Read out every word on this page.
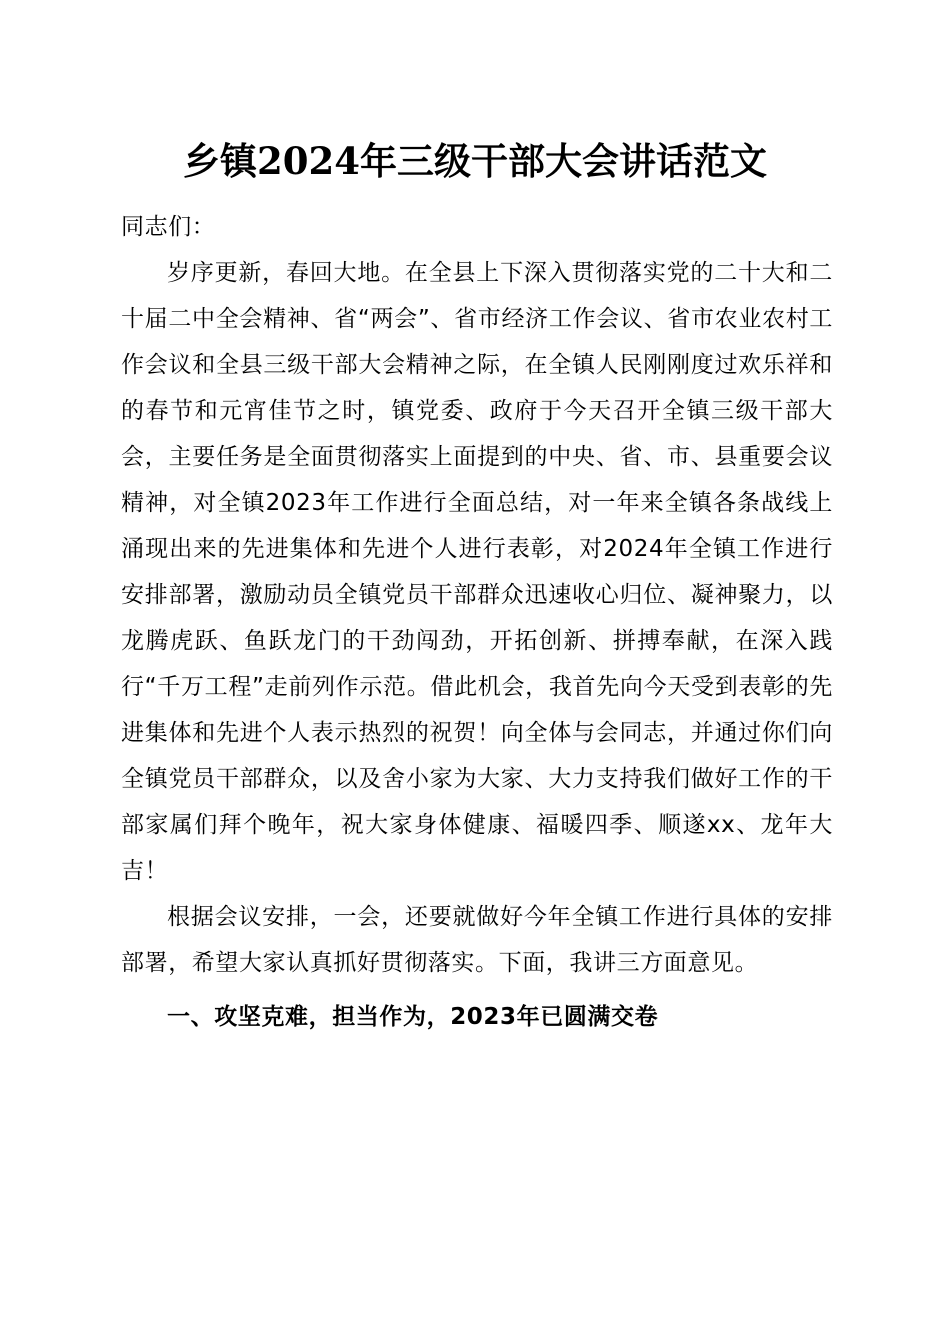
乡镇2024年三级干部大会讲话范文

同志们：

岁序更新，春回大地。在全县上下深入贯彻落实党的二十大和二十届二中全会精神、省“两会”、省市经济工作会议、省市农业农村工作会议和全县三级干部大会精神之际，在全镇人民刚刚度过欢乐祥和的春节和元宵佳节之时，镇党委、政府于今天召开全镇三级干部大会，主要任务是全面贯彻落实上面提到的中央、省、市、县重要会议精神，对全镇2023年工作进行全面总结，对一年来全镇各条战线上涌现出来的先进集体和先进个人进行表彰，对2024年全镇工作进行安排部署，激励动员全镇党员干部群众迅速收心归位、凝神聚力，以龙腾虎跃、鱼跃龙门的干劲闯劲，开拓创新、拼搏奉献，在深入践行“千万工程”走前列作示范。借此机会，我首先向今天受到表彰的先进集体和先进个人表示热烈的祝贺！向全体与会同志，并通过你们向全镇党员干部群众，以及舍小家为大家、大力支持我们做好工作的干部家属们拜个晚年，祝大家身体健康、福暖四季、顺遂xx、龙年大吉！

根据会议安排，一会，还要就做好今年全镇工作进行具体的安排部署，希望大家认真抓好贯彻落实。下面，我讲三方面意见。

一、攻坚克难，担当作为，2023年已圆满交卷
